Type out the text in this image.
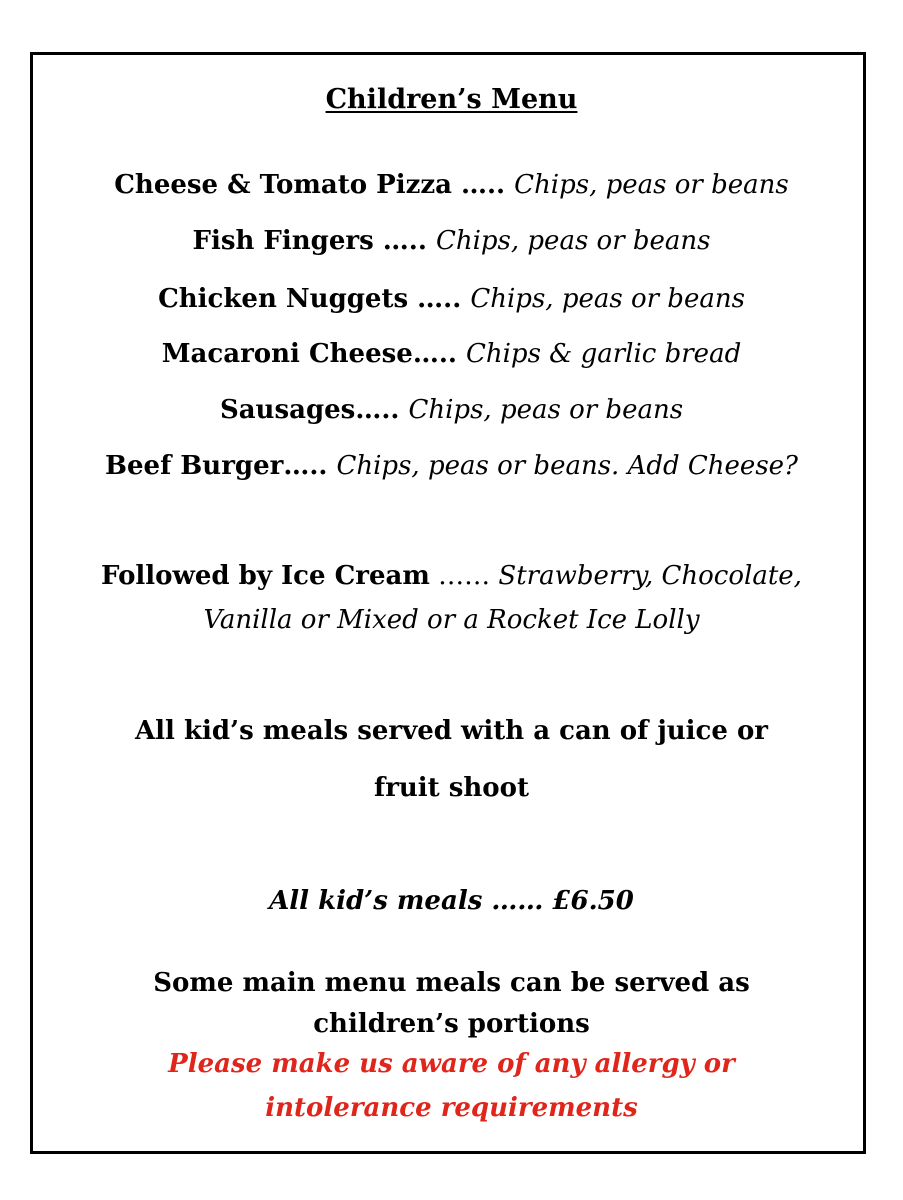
Children’s Menu
Cheese & Tomato Pizza ….. Chips, peas or beans
Fish Fingers ….. Chips, peas or beans
Chicken Nuggets ….. Chips, peas or beans
Macaroni Cheese….. Chips & garlic bread
Sausages….. Chips, peas or beans
Beef Burger….. Chips, peas or beans. Add Cheese?
Followed by Ice Cream …… Strawberry, Chocolate,
Vanilla or Mixed or a Rocket Ice Lolly
All kid’s meals served with a can of juice or
fruit shoot
All kid’s meals …… £6.50
Some main menu meals can be served as
children’s portions
Please make us aware of any allergy or
intolerance requirements
